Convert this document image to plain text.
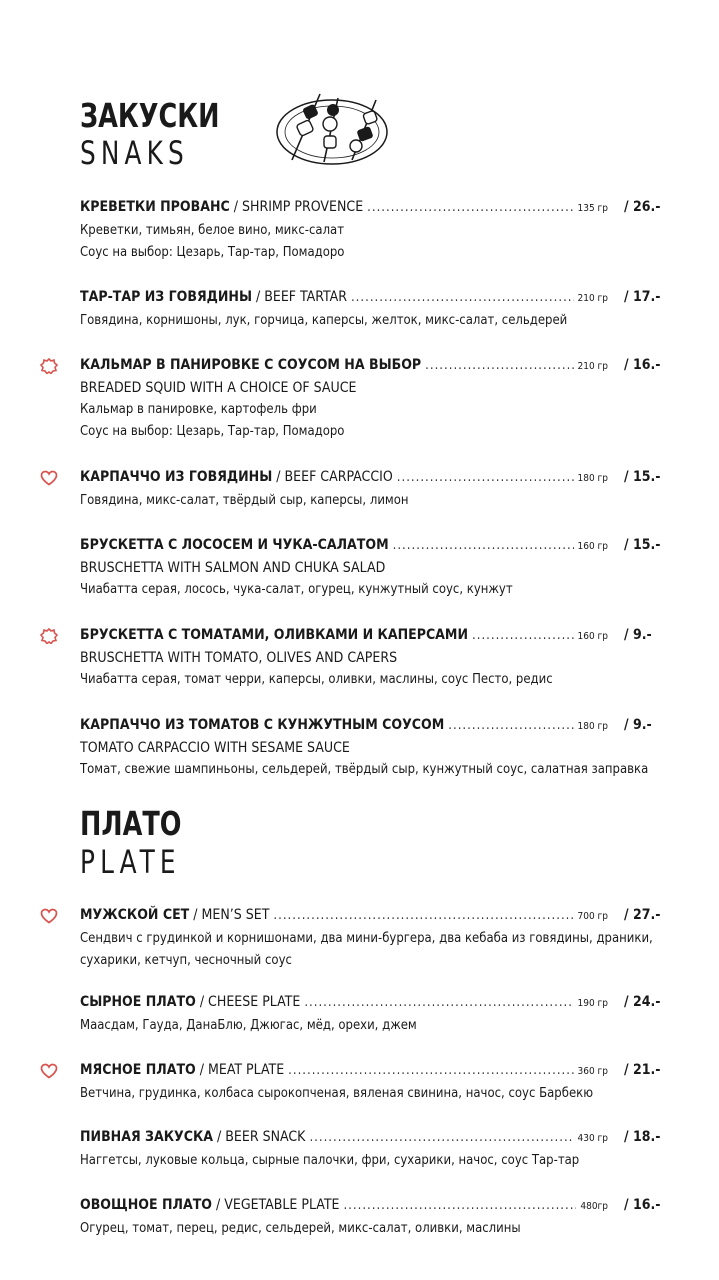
ЗАКУСКИ
SNAKS
КРЕВЕТКИ ПРОВАНС / SHRIMP PROVENCE .....	135 гр / 26.-
Креветки, тимьян, белое вино, микс-салат
Соус на выбор: Цезарь, Тар-тар, Помадоро
ТАР-ТАР ИЗ ГОВЯДИНЫ / BEEF TARTAR .....	210 гр / 17.-
Говядина, корнишоны, лук, горчица, каперсы, желток, микс-салат, сельдерей
КАЛЬМАР В ПАНИРОВКЕ С СОУСОМ НА ВЫБОР .....	210 гр / 16.-
BREADED SQUID WITH A CHOICE OF SAUCE
Кальмар в панировке, картофель фри
Соус на выбор: Цезарь, Тар-тар, Помадоро
КАРПАЧЧО ИЗ ГОВЯДИНЫ / BEEF CARPACCIO .....	180 гр / 15.-
Говядина, микс-салат, твёрдый сыр, каперсы, лимон
БРУСКЕТТА С ЛОСОСЕМ И ЧУКА-САЛАТОМ .....	160 гр / 15.-
BRUSCHETTA WITH SALMON AND CHUKA SALAD
Чиабатта серая, лосось, чука-салат, огурец, кунжутный соус, кунжут
БРУСКЕТТА С ТОМАТАМИ, ОЛИВКАМИ И КАПЕРСАМИ .....	160 гр / 9.-
BRUSCHETTA WITH TOMATO, OLIVES AND CAPERS
Чиабатта серая, томат черри, каперсы, оливки, маслины, соус Песто, редис
КАРПАЧЧО ИЗ ТОМАТОВ С КУНЖУТНЫМ СОУСОМ .....	180 гр / 9.-
TOMATO CARPACCIO WITH SESAME SAUCE
Томат, свежие шампиньоны, сельдерей, твёрдый сыр, кунжутный соус, салатная заправка
ПЛАТО
PLATE
МУЖСКОЙ СЕТ / MEN’S SET .....	700 гр / 27.-
Сендвич с грудинкой и корнишонами, два мини-бургера, два кебаба из говядины, драники,
сухарики, кетчуп, чесночный соус
СЫРНОЕ ПЛАТО / CHEESE PLATE .....	190 гр / 24.-
Маасдам, Гауда, ДанаБлю, Джюгас, мёд, орехи, джем
МЯСНОЕ ПЛАТО / MEAT PLATE .....	360 гр / 21.-
Ветчина, грудинка, колбаса сырокопченая, вяленая свинина, начос, соус Барбекю
ПИВНАЯ ЗАКУСКА / BEER SNACK .....	430 гр / 18.-
Наггетсы, луковые кольца, сырные палочки, фри, сухарики, начос, соус Тар-тар
ОВОЩНОЕ ПЛАТО / VEGETABLE PLATE .....	480гр / 16.-
Огурец, томат, перец, редис, сельдерей, микс-салат, оливки, маслины
